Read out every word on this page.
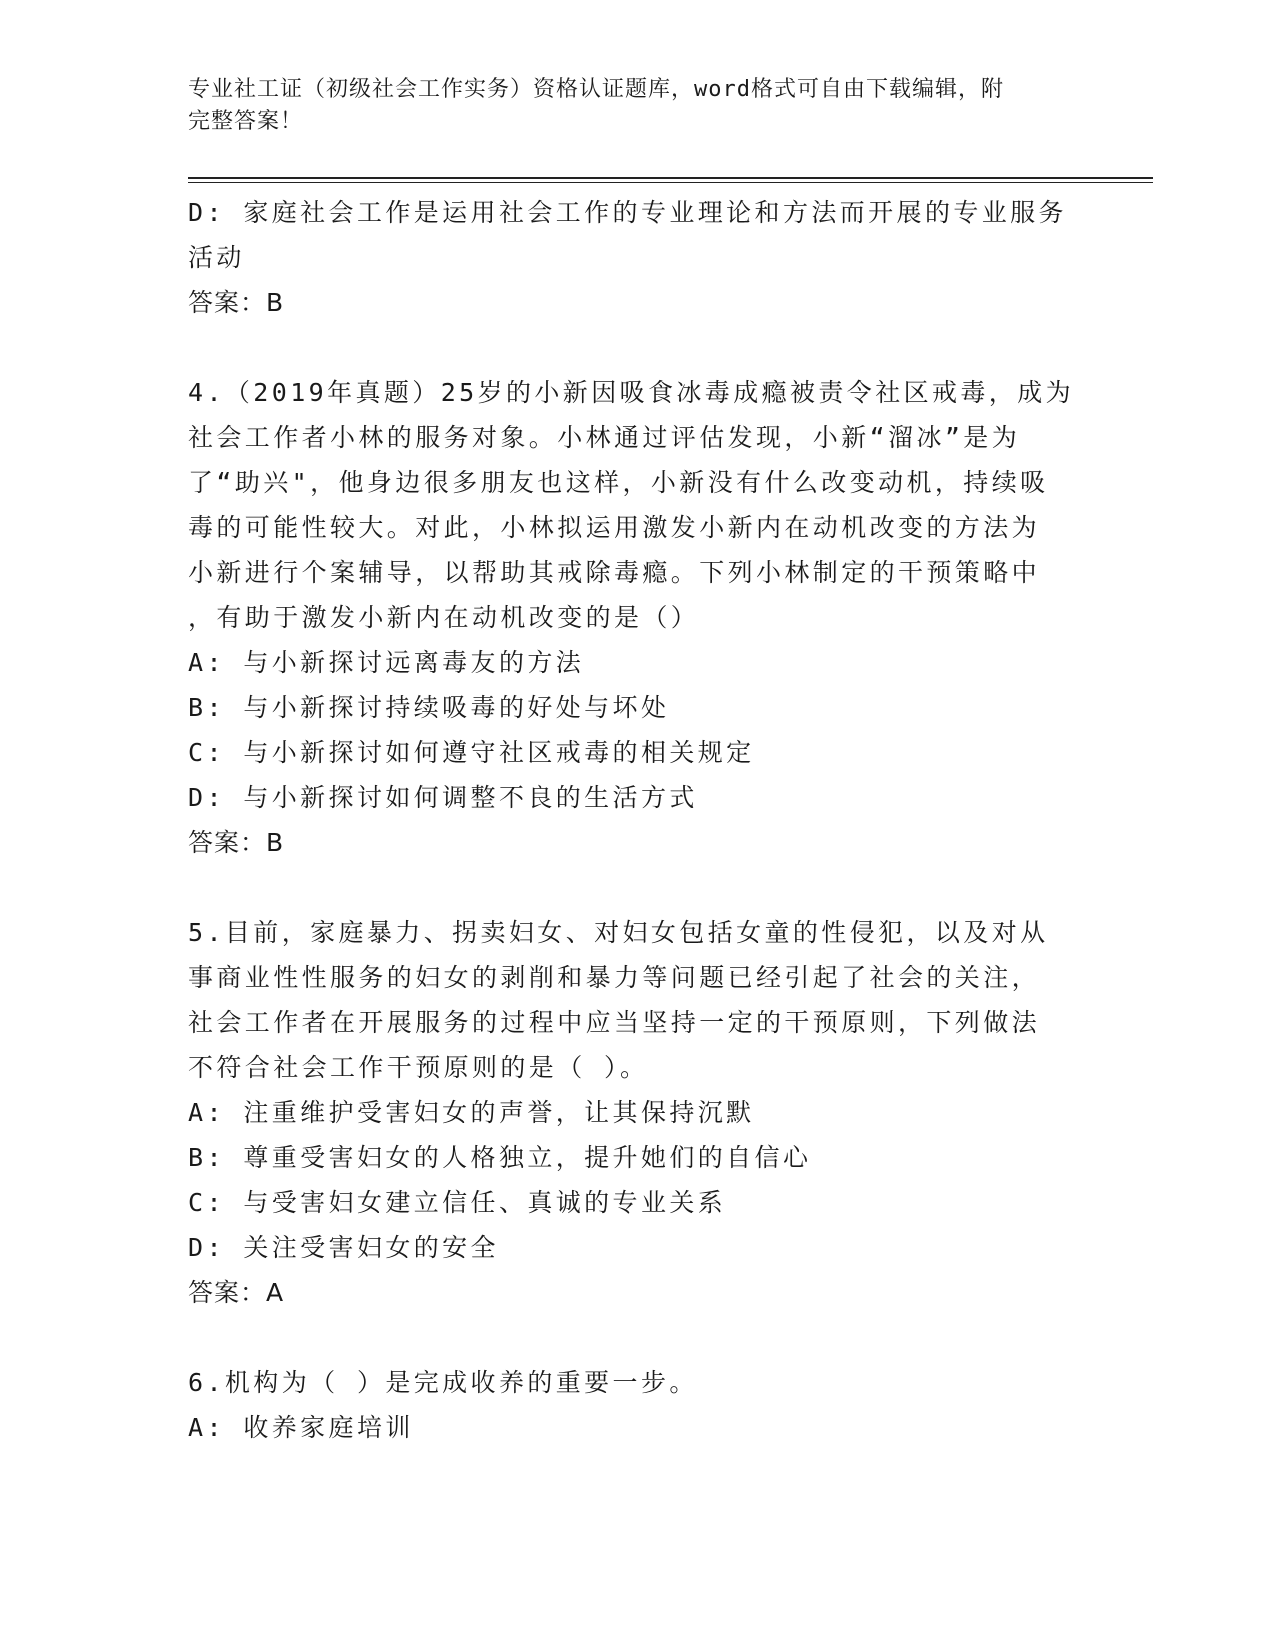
专业社工证（初级社会工作实务）资格认证题库，word格式可自由下载编辑，附
完整答案！
D: 家庭社会工作是运用社会工作的专业理论和方法而开展的专业服务
活动
答案：B
4.（2019年真题）25岁的小新因吸食冰毒成瘾被责令社区戒毒，成为
社会工作者小林的服务对象。小林通过评估发现，小新“溜冰”是为
了“助兴"，他身边很多朋友也这样，小新没有什么改变动机，持续吸
毒的可能性较大。对此，小林拟运用激发小新内在动机改变的方法为
小新进行个案辅导，以帮助其戒除毒瘾。下列小林制定的干预策略中
，有助于激发小新内在动机改变的是（）
A: 与小新探讨远离毒友的方法
B: 与小新探讨持续吸毒的好处与坏处
C: 与小新探讨如何遵守社区戒毒的相关规定
D: 与小新探讨如何调整不良的生活方式
答案：B
5.目前，家庭暴力、拐卖妇女、对妇女包括女童的性侵犯，以及对从
事商业性性服务的妇女的剥削和暴力等问题已经引起了社会的关注，
社会工作者在开展服务的过程中应当坚持一定的干预原则，下列做法
不符合社会工作干预原则的是（ ）。
A: 注重维护受害妇女的声誉，让其保持沉默
B: 尊重受害妇女的人格独立，提升她们的自信心
C: 与受害妇女建立信任、真诚的专业关系
D: 关注受害妇女的安全
答案：A
6.机构为（ ）是完成收养的重要一步。
A: 收养家庭培训
